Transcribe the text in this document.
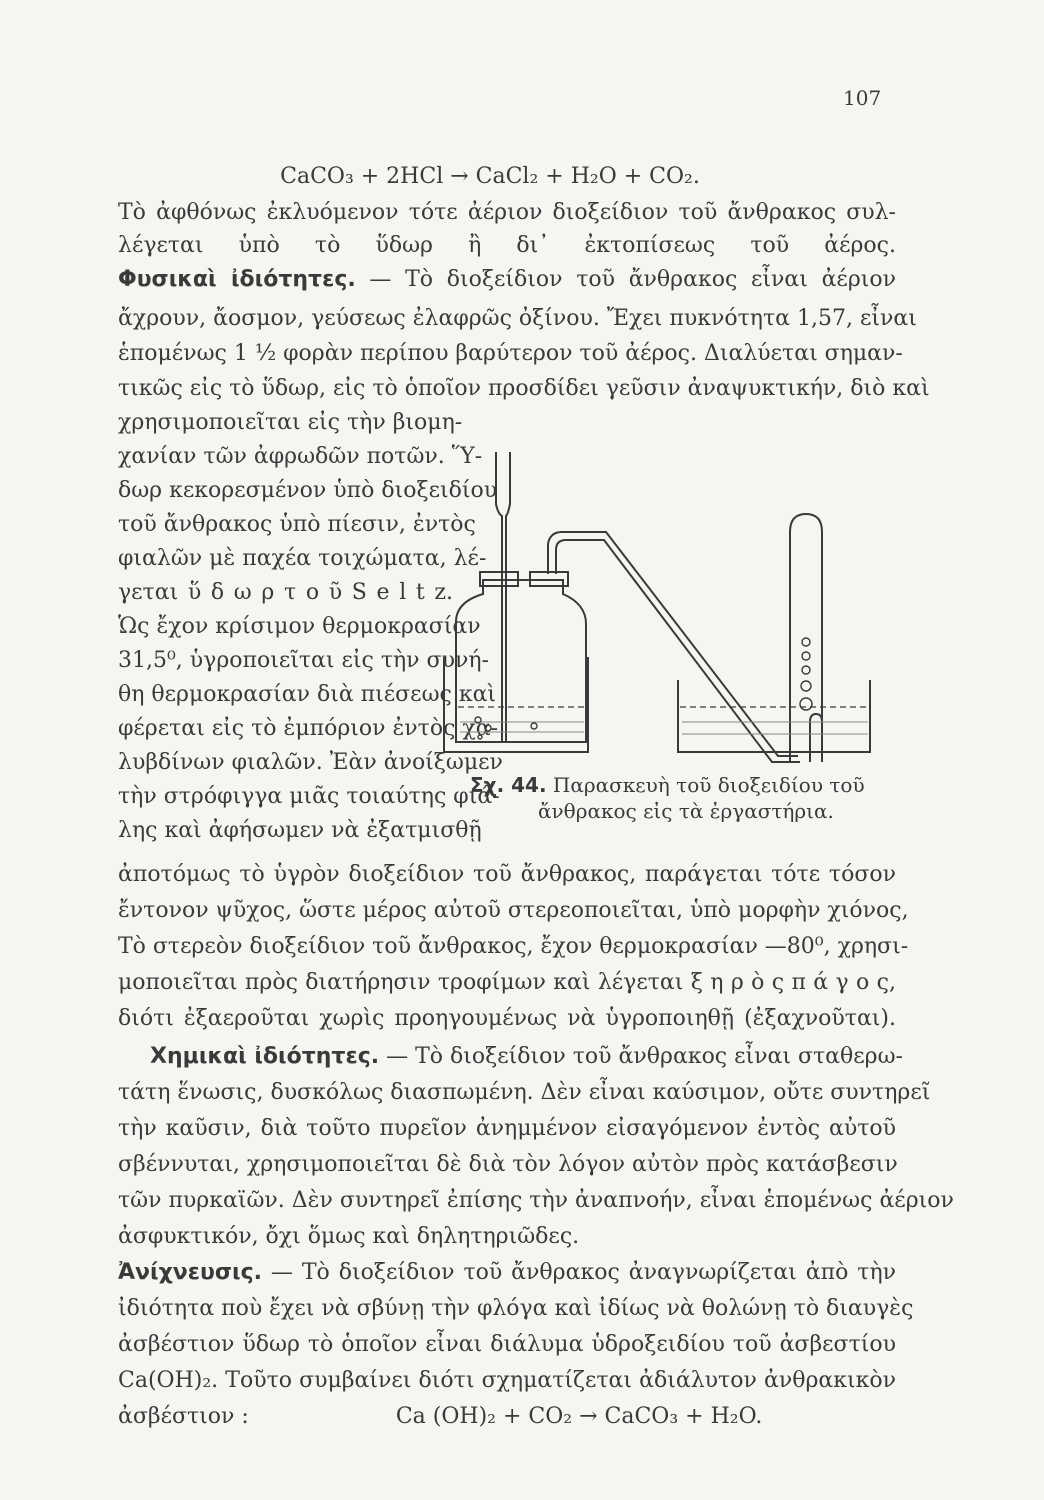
107
CaCO₃ + 2HCl → CaCl₂ + H₂O + CO₂.
Τὸ ἀφθόνως ἐκλυόμενον τότε ἀέριον διοξείδιον τοῦ ἄνθρακος συλ-
λέγεται ὑπὸ τὸ ὕδωρ ἢ δι᾿ ἐκτοπίσεως τοῦ ἀέρος.
Φυσικαὶ ἰδιότητες. — Τὸ διοξείδιον τοῦ ἄνθρακος εἶναι ἀέριον
ἄχρουν, ἄοσμον, γεύσεως ἐλαφρῶς ὀξίνου. Ἔχει πυκνότητα 1,57, εἶναι
ἑπομένως 1 ½ φορὰν περίπου βαρύτερον τοῦ ἀέρος. Διαλύεται σημαν-
τικῶς εἰς τὸ ὕδωρ, εἰς τὸ ὁποῖον προσδίδει γεῦσιν ἀναψυκτικήν, διὸ καὶ
χρησιμοποιεῖται εἰς τὴν βιομη-
χανίαν τῶν ἀφρωδῶν ποτῶν. Ὕ-
δωρ κεκορεσμένον ὑπὸ διοξειδίου
τοῦ ἄνθρακος ὑπὸ πίεσιν, ἐντὸς
φιαλῶν μὲ παχέα τοιχώματα, λέ-
γεται ὕ δ ω ρ τ ο ῦ S e l t z.
Ὡς ἔχον κρίσιμον θερμοκρασίαν
31,5⁰, ὑγροποιεῖται εἰς τὴν συνή-
θη θερμοκρασίαν διὰ πιέσεως καὶ
φέρεται εἰς τὸ ἐμπόριον ἐντὸς χα-
λυβδίνων φιαλῶν. Ἐὰν ἀνοίξωμεν
τὴν στρόφιγγα μιᾶς τοιαύτης φιά-
λης καὶ ἀφήσωμεν νὰ ἐξατμισθῇ
Σχ. 44. Παρασκευὴ τοῦ διοξειδίου τοῦ
ἄνθρακος εἰς τὰ ἐργαστήρια.
ἀποτόμως τὸ ὑγρὸν διοξείδιον τοῦ ἄνθρακος, παράγεται τότε τόσον
ἔντονον ψῦχος, ὥστε μέρος αὐτοῦ στερεοποιεῖται, ὑπὸ μορφὴν χιόνος,
Τὸ στερεὸν διοξείδιον τοῦ ἄνθρακος, ἔχον θερμοκρασίαν —80⁰, χρησι-
μοποιεῖται πρὸς διατήρησιν τροφίμων καὶ λέγεται ξ η ρ ὸ ς π ά γ ο ς,
διότι ἐξαεροῦται χωρὶς προηγουμένως νὰ ὑγροποιηθῇ (ἐξαχνοῦται).
Χημικαὶ ἰδιότητες. — Τὸ διοξείδιον τοῦ ἄνθρακος εἶναι σταθερω-
τάτη ἕνωσις, δυσκόλως διασπωμένη. Δὲν εἶναι καύσιμον, οὔτε συντηρεῖ
τὴν καῦσιν, διὰ τοῦτο πυρεῖον ἀνημμένον εἰσαγόμενον ἐντὸς αὐτοῦ
σβέννυται, χρησιμοποιεῖται δὲ διὰ τὸν λόγον αὐτὸν πρὸς κατάσβεσιν
τῶν πυρκαϊῶν. Δὲν συντηρεῖ ἐπίσης τὴν ἀναπνοήν, εἶναι ἑπομένως ἀέριον
ἀσφυκτικόν, ὄχι ὅμως καὶ δηλητηριῶδες.
Ἀνίχνευσις. — Τὸ διοξείδιον τοῦ ἄνθρακος ἀναγνωρίζεται ἀπὸ τὴν
ἰδιότητα ποὺ ἔχει νὰ σβύνῃ τὴν φλόγα καὶ ἰδίως νὰ θολώνῃ τὸ διαυγὲς
ἀσβέστιον ὕδωρ τὸ ὁποῖον εἶναι διάλυμα ὑδροξειδίου τοῦ ἀσβεστίου
Ca(OH)₂. Τοῦτο συμβαίνει διότι σχηματίζεται ἀδιάλυτον ἀνθρακικὸν
ἀσβέστιον :	Ca (OH)₂ + CO₂ → CaCO₃ + H₂O.
